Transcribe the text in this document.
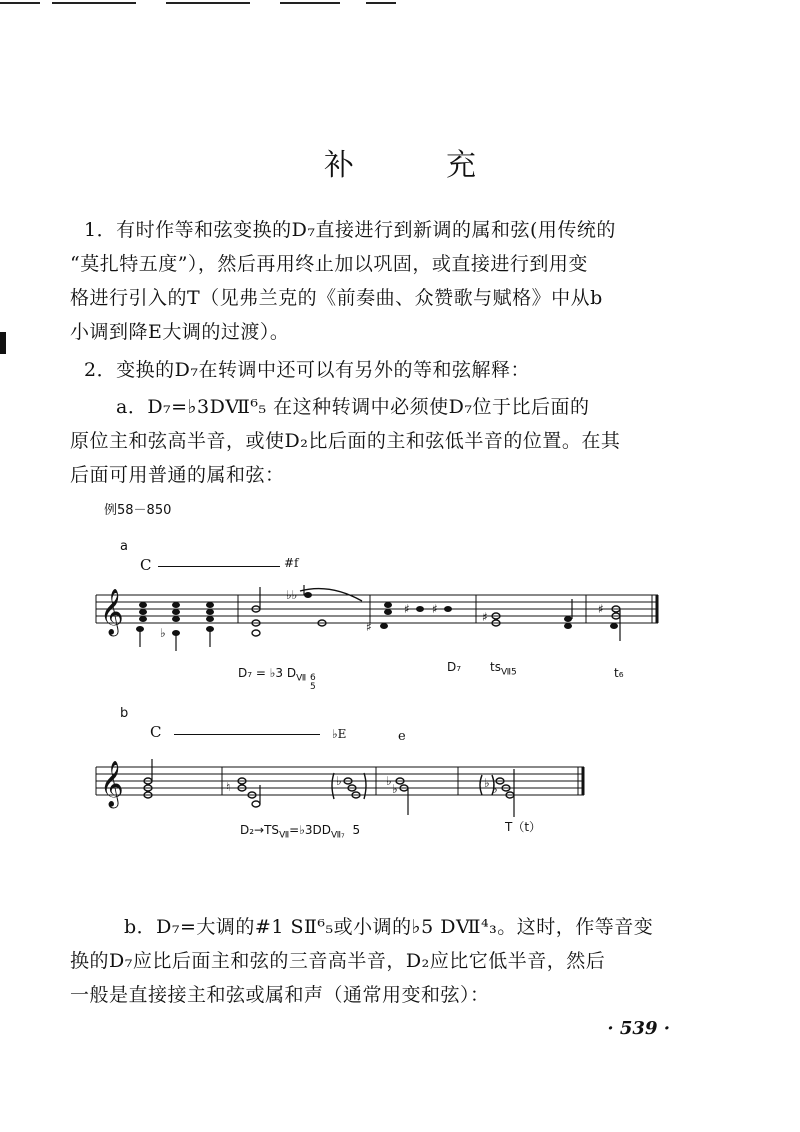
补	充
1．有时作等和弦变换的D₇直接进行到新调的属和弦(用传统的
“莫扎特五度”），然后再用终止加以巩固，或直接进行到用变
格进行引入的T（见弗兰克的《前奏曲、众赞歌与赋格》中从b
小调到降E大调的过渡）。
2．变换的D₇在转调中还可以有另外的等和弦解释：
a．D₇=♭3DⅦ⁶₅ 在这种转调中必须使D₇位于比后面的
原位主和弦高半音，或使D₂比后面的主和弦低半音的位置。在其
后面可用普通的属和弦：
例58－850
a
C	#f
𝄞	♭
♭♭
♯ ♯
♯
♯
♯
D₇ = ♭3 $D_Ⅶ$ 6
5
D₇ $ts_{Ⅶ5}$	t₆
b
C	♭E	e
𝄞	♮	♭	♭
♭	♭ ♭
$D_2\to TS_Ⅶ=♭3DD_{Ⅶ_7}$ 5	T（t）
b．D₇=大调的#1 SⅡ⁶₅或小调的♭5 DⅦ⁴₃。这时，作等音变
换的D₇应比后面主和弦的三音高半音，D₂应比它低半音，然后
一般是直接接主和弦或属和声（通常用变和弦）：
· 539 ·
